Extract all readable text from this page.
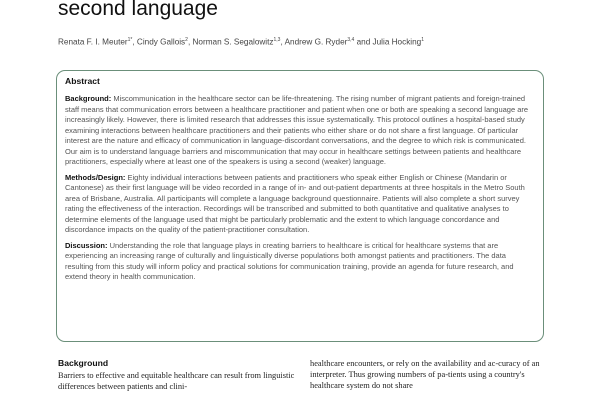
second language
Renata F. I. Meuter$^{1*}$, Cindy Gallois$^2$, Norman S. Segalowitz$^{1,3}$, Andrew G. Ryder$^{3,4}$ and Julia Hocking$^1$
Abstract
Background: Miscommunication in the healthcare sector can be life-threatening. The rising number of migrant patients and foreign-trained staff means that communication errors between a healthcare practitioner and patient when one or both are speaking a second language are increasingly likely. However, there is limited research that addresses this issue systematically. This protocol outlines a hospital-based study examining interactions between healthcare practitioners and their patients who either share or do not share a first language. Of particular interest are the nature and efficacy of communication in language-discordant conversations, and the degree to which risk is communicated. Our aim is to understand language barriers and miscommunication that may occur in healthcare settings between patients and healthcare practitioners, especially where at least one of the speakers is using a second (weaker) language.
Methods/Design: Eighty individual interactions between patients and practitioners who speak either English or Chinese (Mandarin or Cantonese) as their first language will be video recorded in a range of in- and out-patient departments at three hospitals in the Metro South area of Brisbane, Australia. All participants will complete a language background questionnaire. Patients will also complete a short survey rating the effectiveness of the interaction. Recordings will be transcribed and submitted to both quantitative and qualitative analyses to determine elements of the language used that might be particularly problematic and the extent to which language concordance and discordance impacts on the quality of the patient-practitioner consultation.
Discussion: Understanding the role that language plays in creating barriers to healthcare is critical for healthcare systems that are experiencing an increasing range of culturally and linguistically diverse populations both amongst patients and practitioners. The data resulting from this study will inform policy and practical solutions for communication training, provide an agenda for future research, and extend theory in health communication.
Background
Barriers to effective and equitable healthcare can result from linguistic differences between patients and clini-
healthcare encounters, or rely on the availability and ac-curacy of an interpreter. Thus growing numbers of pa-tients using a country's healthcare system do not share
